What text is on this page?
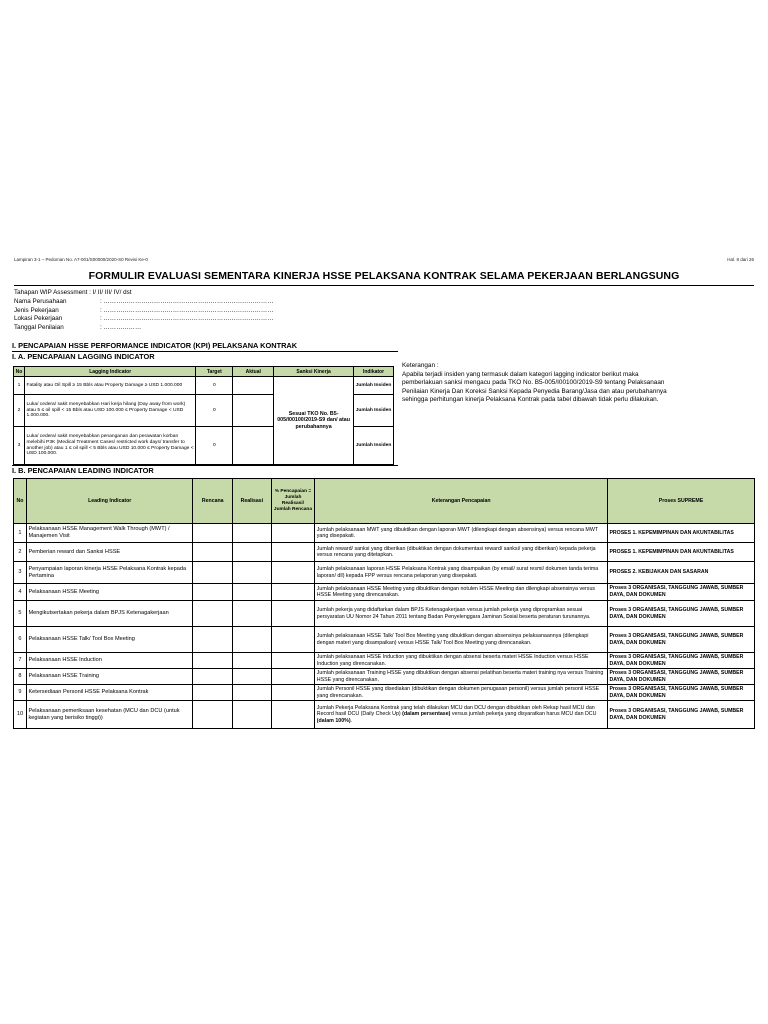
Lampiran 3-1 – Pedoman No. A7-001/S00000/2020-S0 Revisi Ke-0	Hal. 8 dari 26
FORMULIR EVALUASI SEMENTARA KINERJA HSSE PELAKSANA KONTRAK SELAMA PEKERJAAN BERLANGSUNG
Tahapan WIP Assessment : I/ II/ III/ IV/ dst
Nama Perusahaan	: ………………………………………………………………………
Jenis Pekerjaan	: ………………………………………………………………………
Lokasi Pekerjaan	: ………………………………………………………………………
Tanggal Penilaian	: ………………
I. PENCAPAIAN HSSE PERFORMANCE INDICATOR (KPI) PELAKSANA KONTRAK
I. A. PENCAPAIAN LAGGING INDICATOR
No	Lagging Indicator	Target	Aktual	Sanksi Kinerja	Indikator
1	Fatality atau Oil Spill ≥ 15 Bbls atau Property Damage ≥ USD 1.000.000	0		Sesuai TKO No. B5-005/I00100/2019-S9 dan/ atau perubahannya	Jumlah Insiden
2	Luka/ cedera/ sakit menyebabkan Hari kerja hilang (Day away from work) atau 5 ≤ oil spill < 15 Bbls atau USD 100.000 ≤ Property Damage < USD 1.000.000.	0			Jumlah Insiden
3	Luka/ cedera/ sakit menyebabkan penanganan dan perawatan korban melebihi P3K (Medical Treatment Cases/ restricted work days/ transfer to another job) atau 1 ≤ oil spill < 5 Bbls atau USD 10.000 ≤ Property Damage < USD 100.000.	0			Jumlah Insiden
Keterangan :
Apabila terjadi insiden yang termasuk dalam kategori lagging indicator berikut maka
pemberlakuan sanksi mengacu pada TKO No. B5-005/I00100/2019-S9 tentang Pelaksanaan
Penilaian Kinerja Dan Koreksi Sanksi Kepada Penyedia Barang/Jasa dan atau perubahannya
sehingga perhitungan kinerja Pelaksana Kontrak pada tabel dibawah tidak perlu dilakukan.
I. B. PENCAPAIAN LEADING INDICATOR
No	Leading Indicator	Rencana	Realisasi	% Pencapaian = Jumlah Realisasi/ Jumlah Rencana	Keterangan Pencapaian	Proses SUPREME
1	Pelaksanaan HSSE Management Walk Through (MWT) / Manajemen Visit				Jumlah pelaksanaan MWT yang dibuktikan dengan laporan MWT (dilengkapi dengan absensinya) versus rencana MWT yang disepakati.	PROSES 1. KEPEMIMPINAN DAN AKUNTABILITAS
2	Pemberian reward dan Sanksi HSSE				Jumlah reward/ sanksi yang diberikan (dibuktikan dengan dokumentasi reward/ sanksi/ yang diberikan) kepada pekerja versus rencana yang ditetapkan.	PROSES 1. KEPEMIMPINAN DAN AKUNTABILITAS
3	Penyampaian laporan kinerja HSSE Pelaksana Kontrak kepada Pertamina				Jumlah pelaksanaan laporan HSSE Pelaksana Kontrak yang disampaikan (by email/ surat resmi/ dokumen tanda terima laporan/ dll) kepada FPP versus rencana pelaporan yang disepakati.	PROSES 2. KEBIJAKAN DAN SASARAN
4	Pelaksanaan HSSE Meeting				Jumlah pelaksanaan HSSE Meeting yang dibuktikan dengan notulen HSSE Meeting dan dilengkapi absensinya versus HSSE Meeting yang direncanakan.	Proses 3 ORGANISASI, TANGGUNG JAWAB, SUMBER DAYA, DAN DOKUMEN
5	Mengikutsertakan pekerja dalam BPJS Ketenagakerjaan				Jumlah pekerja yang didaftarkan dalam BPJS Ketenagakerjaan versus jumlah pekerja yang diprogramkan sesuai persyaratan UU Nomor 24 Tahun 2011 tentang Badan Penyelenggara Jaminan Sosial beserta peraturan turunannya.	Proses 3 ORGANISASI, TANGGUNG JAWAB, SUMBER DAYA, DAN DOKUMEN
6	Pelaksanaan HSSE Talk/ Tool Box Meeting				Jumlah pelaksanaan HSSE Talk/ Tool Box Meeting yang dibuktikan dengan absensinya pelaksanaannya (dilengkapi dengan materi yang disampaikan) versus HSSE Talk/ Tool Box Meeting yang direncanakan.	Proses 3 ORGANISASI, TANGGUNG JAWAB, SUMBER DAYA, DAN DOKUMEN
7	Pelaksanaan HSSE Induction				Jumlah pelaksanaan HSSE Induction yang dibuktikan dengan absensi beserta materi HSSE Induction versus HSSE Induction yang direncanakan.	Proses 3 ORGANISASI, TANGGUNG JAWAB, SUMBER DAYA, DAN DOKUMEN
8	Pelaksanaan HSSE Training				Jumlah pelaksanaan Training HSSE yang dibuktikan dengan absensi pelatihan beserta materi training nya versus Training HSSE yang direncanakan.	Proses 3 ORGANISASI, TANGGUNG JAWAB, SUMBER DAYA, DAN DOKUMEN
9	Ketersediaan Personil HSSE Pelaksana Kontrak				Jumlah Personil HSSE yang disediakan (dibuktikan dengan dokumen penugasan personil) versus jumlah personil HSSE yang direncanakan.	Proses 3 ORGANISASI, TANGGUNG JAWAB, SUMBER DAYA, DAN DOKUMEN
10	Pelaksanaan pemeriksaan kesehatan (MCU dan DCU (untuk kegiatan yang berisiko tinggi))				Jumlah Pekerja Pelaksana Kontrak yang telah dilakukan MCU dan DCU dengan dibuktikan oleh Rekap hasil MCU dan Record hasil DCU (Daily Check Up) (dalam persentase) versus jumlah pekerja yang disyaratkan harus MCU dan DCU (dalam 100%).	Proses 3 ORGANISASI, TANGGUNG JAWAB, SUMBER DAYA, DAN DOKUMEN
